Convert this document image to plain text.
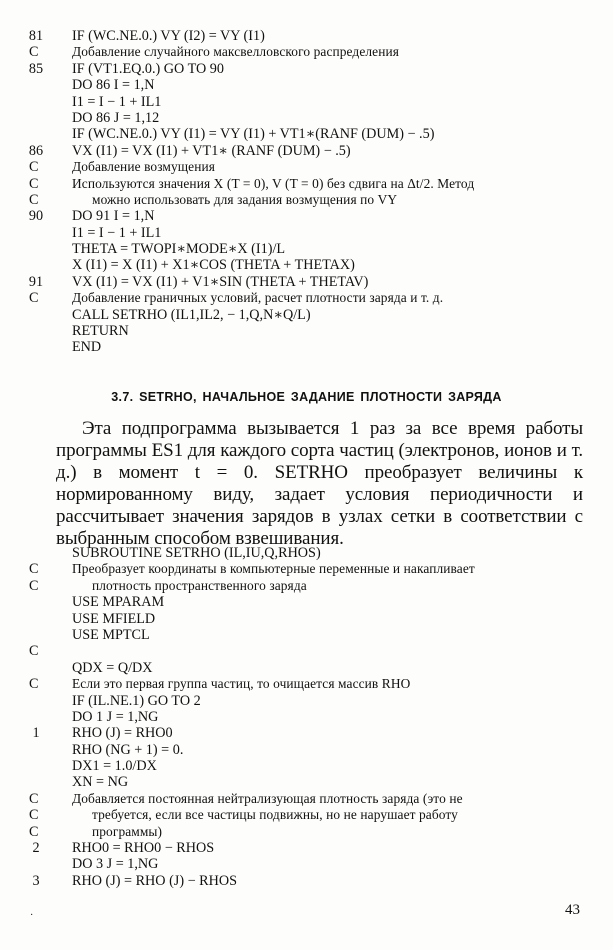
81	IF (WC.NE.0.) VY (I2) = VY (I1)
C	Добавление случайного максвелловского распределения
85	IF (VT1.EQ.0.) GO TO 90
DO 86 I = 1,N
I1 = I − 1 + IL1
DO 86 J = 1,12
IF (WC.NE.0.) VY (I1) = VY (I1) + VT1∗(RANF (DUM) − .5)
86	VX (I1) = VX (I1) + VT1∗ (RANF (DUM) − .5)
C	Добавление возмущения
C	Используются значения X (T = 0), V (T = 0) без сдвига на Δt/2. Метод
C	можно использовать для задания возмущения по VY
90	DO 91 I = 1,N
I1 = I − 1 + IL1
THETA = TWOPI∗MODE∗X (I1)/L
X (I1) = X (I1) + X1∗COS (THETA + THETAX)
91	VX (I1) = VX (I1) + V1∗SIN (THETA + THETAV)
C	Добавление граничных условий, расчет плотности заряда и т. д.
CALL SETRHO (IL1,IL2, − 1,Q,N∗Q/L)
RETURN
END
3.7. SETRHO, НАЧАЛЬНОЕ ЗАДАНИЕ ПЛОТНОСТИ ЗАРЯДА
Эта подпрограмма вызывается 1 раз за все время работы программы ES1 для каждого сорта частиц (электронов, ионов и т. д.) в момент t = 0. SETRHO преобразует величины к нормированному виду, задает условия периодичности и рассчитывает значения зарядов в узлах сетки в соответствии с выбранным способом взвешивания.
SUBROUTINE SETRHO (IL,IU,Q,RHOS)
C	Преобразует координаты в компьютерные переменные и накапливает
C	плотность пространственного заряда
USE MPARAM
USE MFIELD
USE MPTCL
C
QDX = Q/DX
C	Если это первая группа частиц, то очищается массив RHO
IF (IL.NE.1) GO TO 2
DO 1 J = 1,NG
1	RHO (J) = RHO0
RHO (NG + 1) = 0.
DX1 = 1.0/DX
XN = NG
C	Добавляется постоянная нейтрализующая плотность заряда (это не
C	требуется, если все частицы подвижны, но не нарушает работу
C	программы)
2	RHO0 = RHO0 − RHOS
DO 3 J = 1,NG
3	RHO (J) = RHO (J) − RHOS
·	43
